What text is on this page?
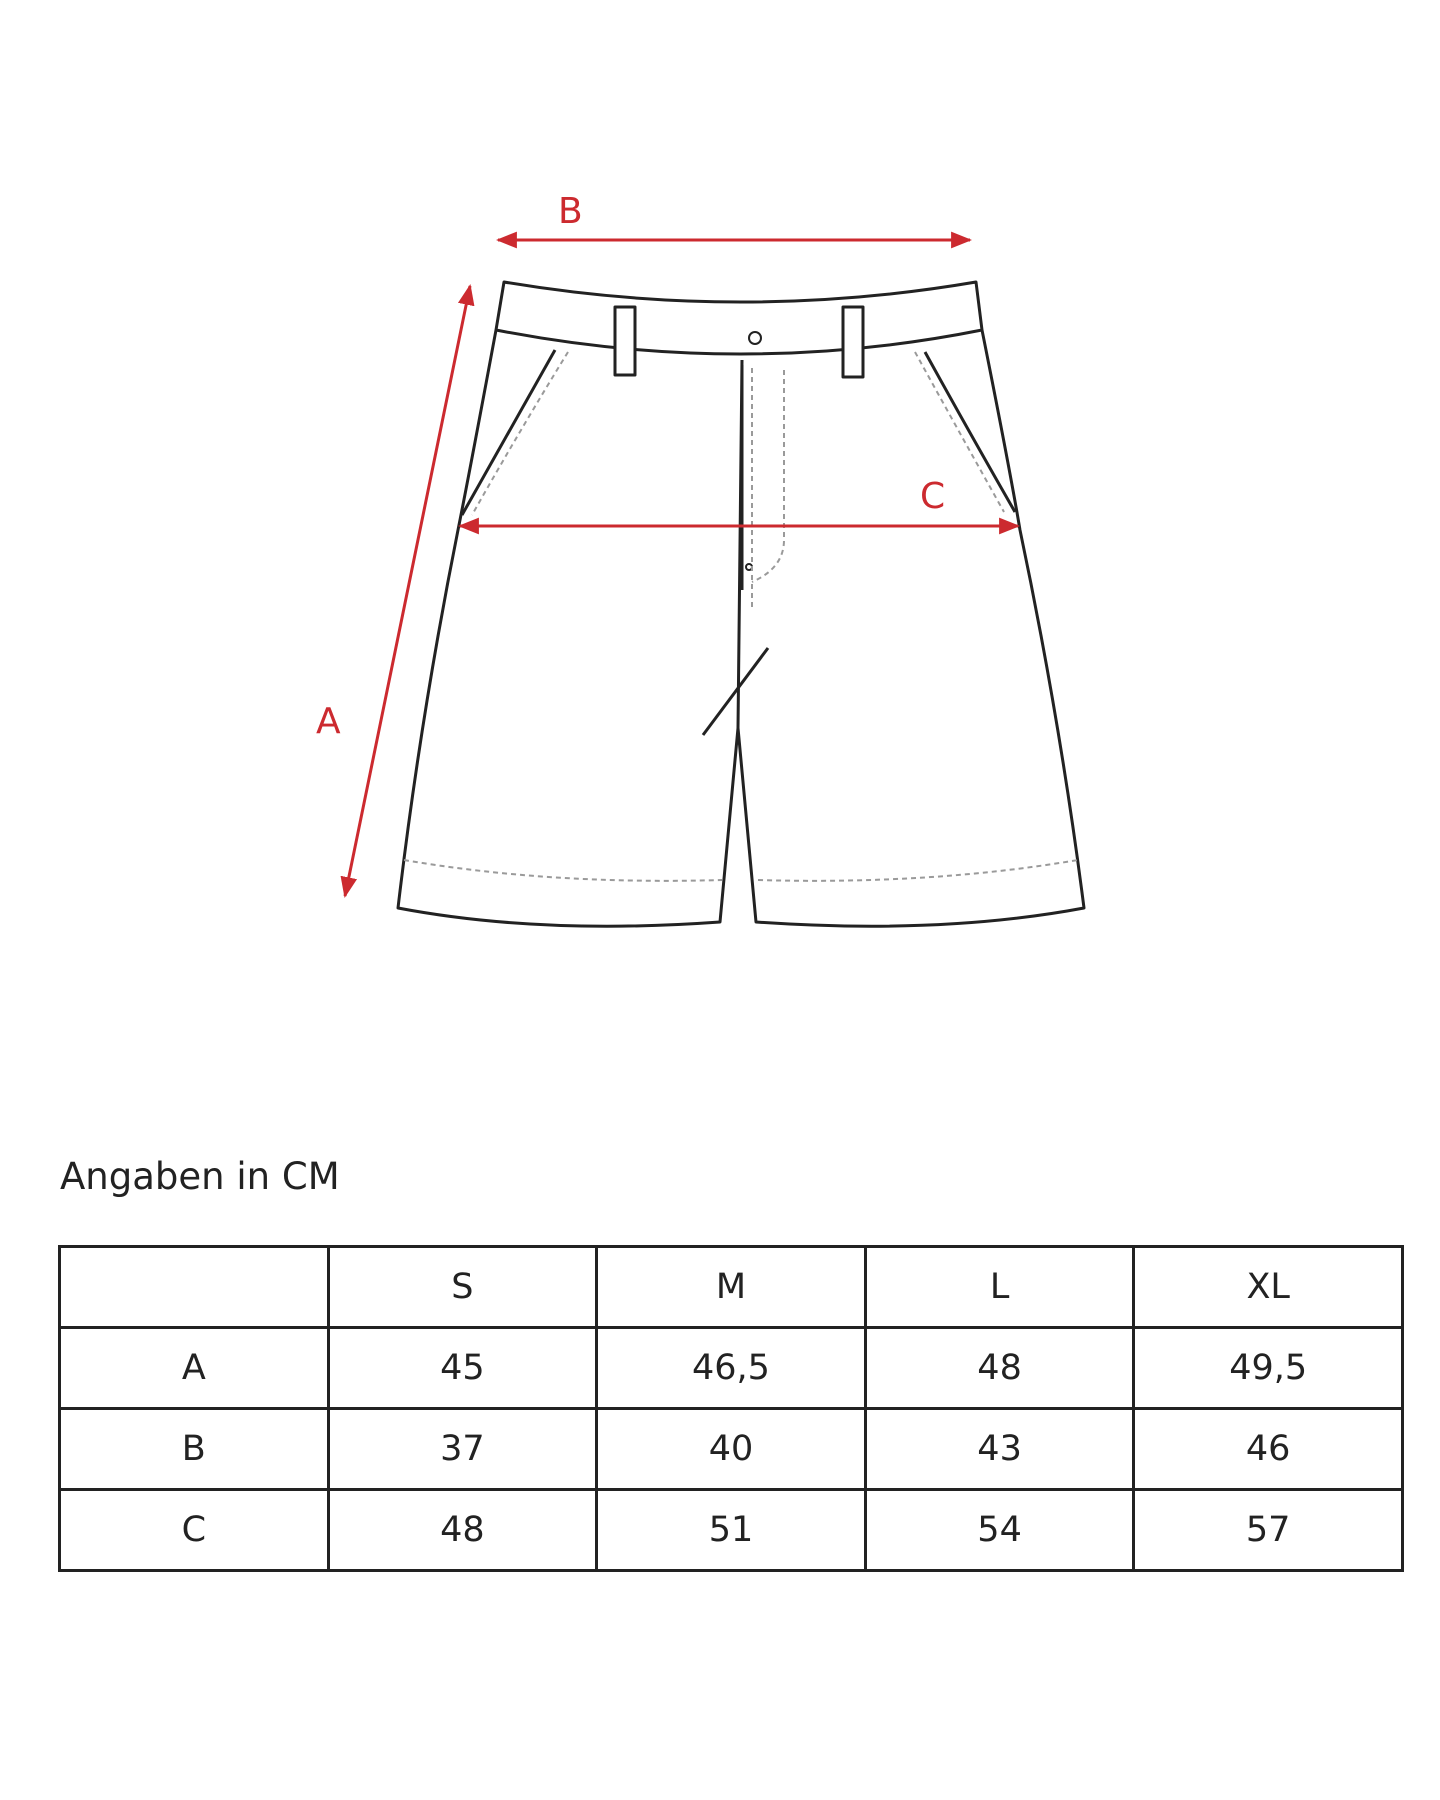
B
C
A
Angaben in CM
	S	M	L	XL
A	45	46,5	48	49,5
B	37	40	43	46
C	48	51	54	57
